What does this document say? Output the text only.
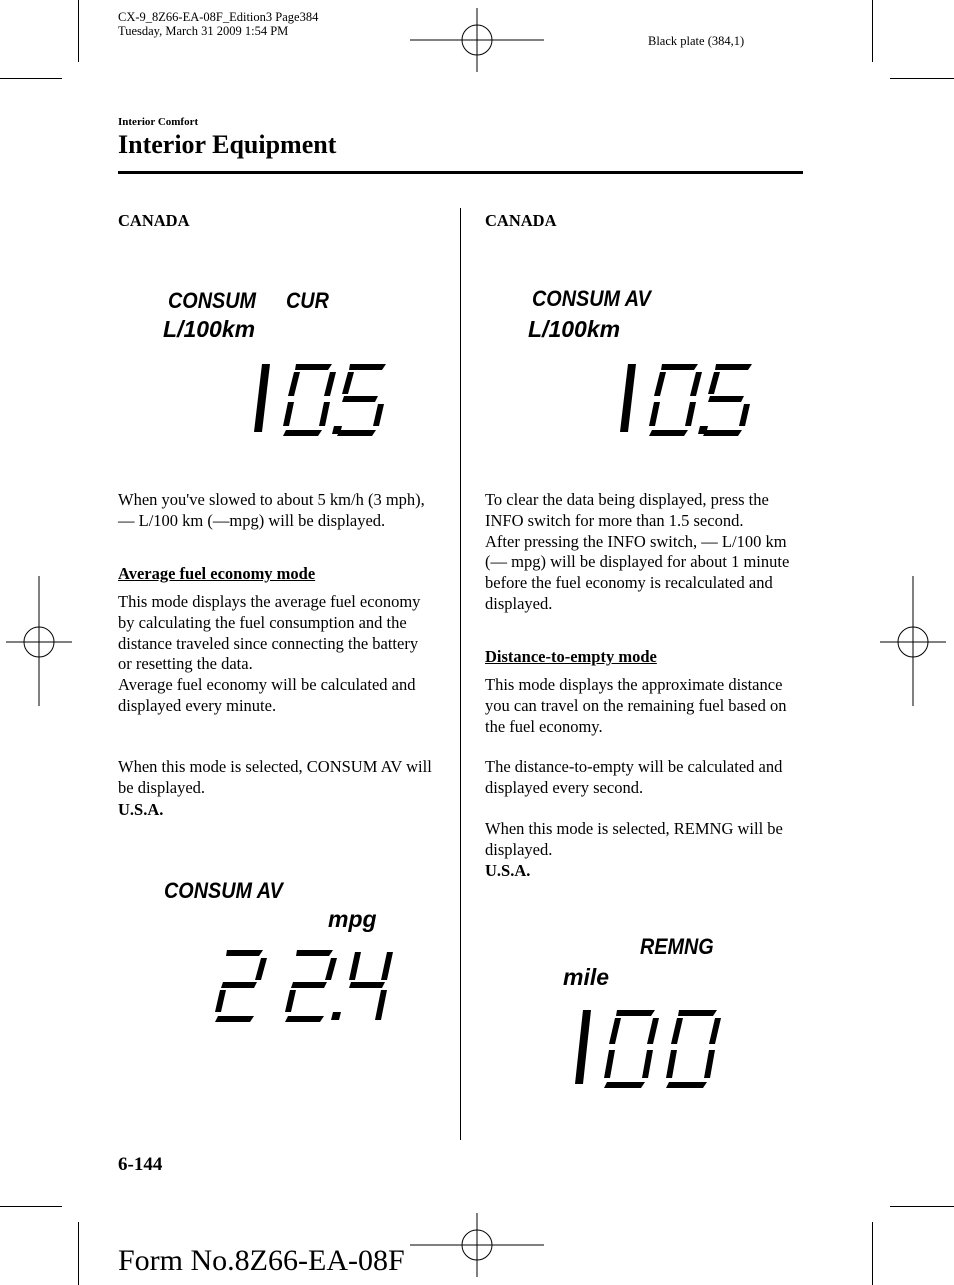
CX-9_8Z66-EA-08F_Edition3 Page384
Tuesday, March 31 2009 1:54 PM
Black plate (384,1)
Interior Comfort
Interior Equipment
CANADA
CONSUM CUR
L/100km
When you've slowed to about 5 km/h (3 mph), — L/100 km (—mpg) will be displayed.
Average fuel economy mode
This mode displays the average fuel economy by calculating the fuel consumption and the distance traveled since connecting the battery or resetting the data.
Average fuel economy will be calculated and displayed every minute.
When this mode is selected, CONSUM AV will be displayed.
U.S.A.
CONSUM AV
mpg
CANADA
CONSUM AV
L/100km
To clear the data being displayed, press the INFO switch for more than 1.5 second.
After pressing the INFO switch, — L/100 km (— mpg) will be displayed for about 1 minute before the fuel economy is recalculated and displayed.
Distance-to-empty mode
This mode displays the approximate distance you can travel on the remaining fuel based on the fuel economy.
The distance-to-empty will be calculated and displayed every second.
When this mode is selected, REMNG will be displayed.
U.S.A.
REMNG
mile
6-144
Form No.8Z66-EA-08F
